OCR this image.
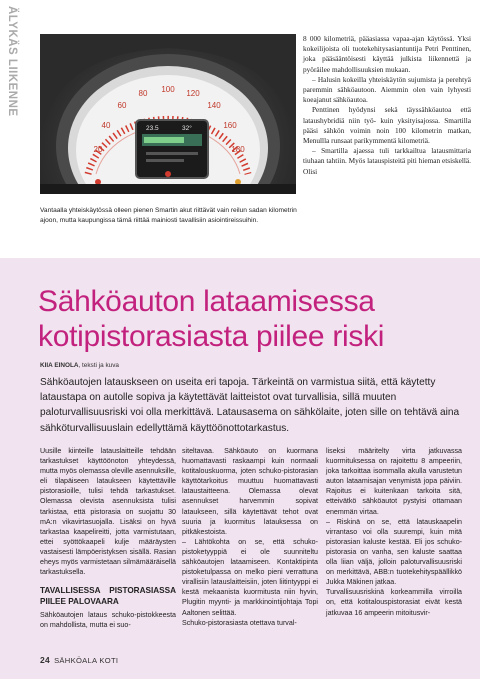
ÄLYKÄS LIIKENNE
20
40
60
80 100 120
140
160
180
23.5	32°
Vantaalla yhteiskäytössä olleen pienen Smartin akut riittävät vain reilun sadan kilometrin ajoon, mutta kaupungissa tämä riittää mainiosti tavallisiin asiointireissuihin.

8 000 kilometriä, pääasiassa vapaa-ajan käytössä. Yksi kokeilijoista oli tuotekehitysasiantuntija Petri Penttinen, joka pääsääntöisesti käyttää julkista liikennettä ja pyöräilee mahdollisuuksien mukaan.

– Halusin kokeilla yhteiskäytön sujumista ja perehtyä paremmin sähköautoon. Aiemmin olen vain lyhyesti koeajanut sähköautoa.

Penttinen hyödynsi sekä täyssähköautoa että lataushybridiä niin työ- kuin yksityisajossa. Smartilla pääsi sähkön voimin noin 100 kilometrin matkan, Menullla runsaat parikymmentä kilometriä.

– Smartilla ajaessa tuli tarkkailtua latausmittaria tiuhaan tahtiin. Myös latauspisteitä piti hieman etsiskellä. Olisi

Sähköauton lataamisessa kotipistorasiasta piilee riski
KIIA EINOLA, teksti ja kuva
Sähköautojen latauskseen on useita eri tapoja. Tärkeintä on varmistua siitä, että käytetty lataustapa on autolle sopiva ja käytettävät laitteistot ovat turvallisia, sillä muuten paloturvallisuusriski voi olla merkittävä. Latausasema on sähkölaite, joten sille on tehtävä aina sähköturvallisuuslain edellyttämä käyttöönottotarkastus.

Uusille kiinteille latauslaitteille tehdään tarkastukset käyttöönoton yhteydessä, mutta myös olemassa oleville asennuksille, eli tilapäiseen lataukseen käytettäville pistorasioille, tulisi tehdä tarkastukset. Olemassa olevista asennuksista tulisi tarkistaa, että pistorasia on suojattu 30 mA:n vikavirtasuojalla. Lisäksi on hyvä tarkastaa kaapelireitti, jotta varmistutaan, ettei syöttökaapeli kulje määräysten vastaisesti lämpöeristyksen sisällä. Rasian eheys myös varmistetaan silmämääräisellä tarkastuksella.

TAVALLISESSA PISTORASIASSA PIILEE PALOVAARA

Sähköautojen lataus schuko-pistokkeesta on mahdollista, mutta ei suo-

siteltavaa. Sähköauto on kuormana huomattavasti raskaampi kuin normaali kotitalouskuorma, joten schuko-pistorasian käyttötarkoitus muuttuu huomattavasti lataustaitteena. Olemassa olevat asennukset harvemmin sopivat lataukseen, sillä käytettävät tehot ovat suuria ja kuormitus latauksessa on pitkäkestoista.

– Lähtökohta on se, että schuko-pistoketyyppiä ei ole suunniteltu sähköautojen lataamiseen. Kontaktipinta pistoketulpassa on melko pieni verrattuna virallisiin latauslaitteisiin, joten liitintyyppi ei kestä mekaanista kuormitusta niin hyvin, Plugitin myynti- ja markkinointijohtaja Topi Aaltonen selittää.

Schuko-pistorasiasta otettava turval-

liseksi määritelty virta jatkuvassa kuormituksessa on rajoitettu 8 ampeeriin, joka tarkoittaa isommalla akulla varustetun auton lataamisajan venymistä jopa päiviin. Rajoitus ei kuitenkaan tarkoita sitä, etteivätkö sähköautot pystyisi ottamaan enemmän virtaa.

– Riskinä on se, että latauskaapelin virrantaso voi olla suurempi, kuin mitä pistorasian kaluste kestää. Eli jos schuko-pistorasia on vanha, sen kaluste saattaa olla liian väljä, jolloin paloturvallisuusriski on merkittävä, ABB:n tuotekehityspäällikkö Jukka Mäkinen jatkaa.

Turvallisuusriskinä korkeammilla virroilla on, että kotitalouspistorasiat eivät kestä jatkuvaa 16 ampeerin mitoitusvir-

24 SÄHKÖALA KOTI
